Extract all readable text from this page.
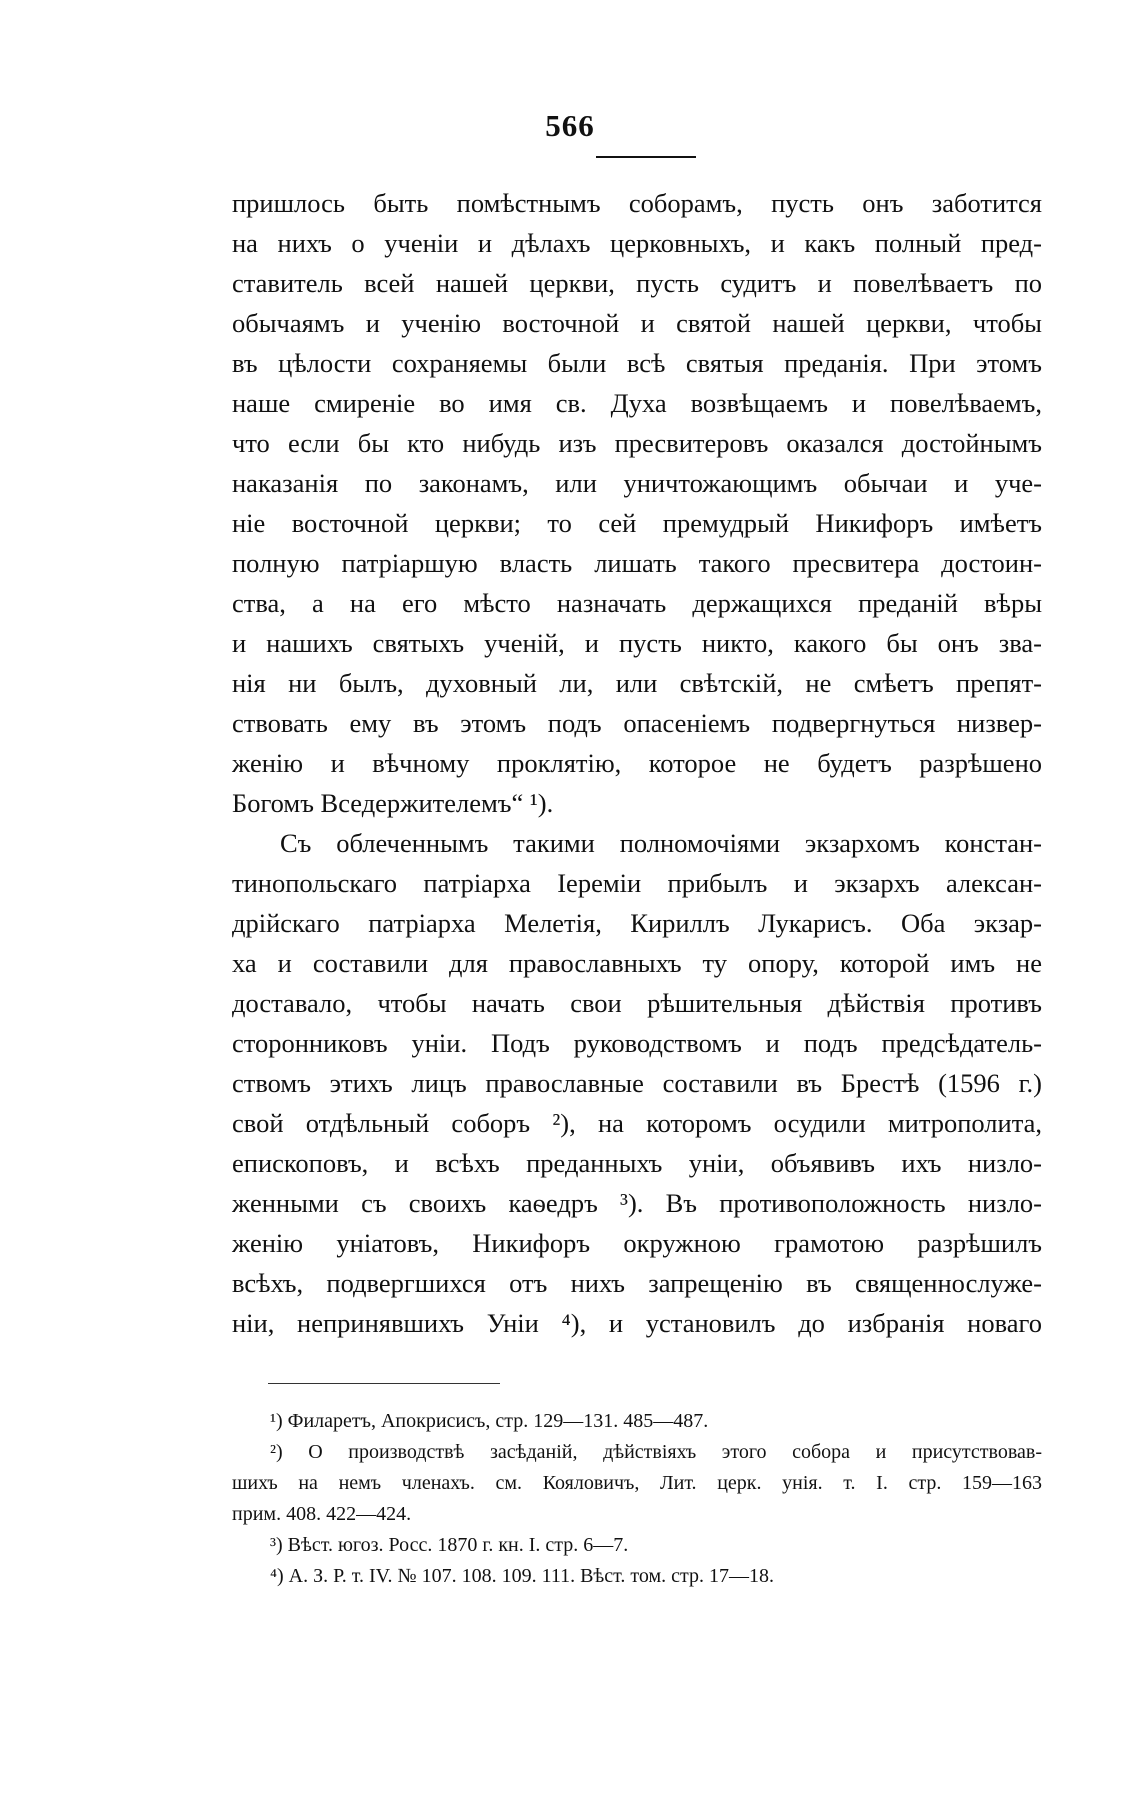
566
пришлось быть помѣстнымъ соборамъ, пусть онъ заботится
на нихъ о ученіи и дѣлахъ церковныхъ, и какъ полный пред-
ставитель всей нашей церкви, пусть судитъ и повелѣваетъ по
обычаямъ и ученію восточной и святой нашей церкви, чтобы
въ цѣлости сохраняемы были всѣ святыя преданія. При этомъ
наше смиреніе во имя св. Духа возвѣщаемъ и повелѣваемъ,
что если бы кто нибудь изъ пресвитеровъ оказался достойнымъ
наказанія по законамъ, или уничтожающимъ обычаи и уче-
ніе восточной церкви; то сей премудрый Никифоръ имѣетъ
полную патріаршую власть лишать такого пресвитера достоин-
ства, а на его мѣсто назначать держащихся преданій вѣры
и нашихъ святыхъ ученій, и пусть никто, какого бы онъ зва-
нія ни былъ, духовный ли, или свѣтскій, не смѣетъ препят-
ствовать ему въ этомъ подъ опасеніемъ подвергнуться низвер-
женію и вѣчному проклятію, которое не будетъ разрѣшено
Богомъ Вседержителемъ“ ¹).
Съ облеченнымъ такими полномочіями экзархомъ констан-
тинопольскаго патріарха Іереміи прибылъ и экзархъ алексан-
дрійскаго патріарха Мелетія, Кириллъ Лукарисъ. Оба экзар-
ха и составили для православныхъ ту опору, которой имъ не
доставало, чтобы начать свои рѣшительныя дѣйствія противъ
сторонниковъ уніи. Подъ руководствомъ и подъ предсѣдатель-
ствомъ этихъ лицъ православные составили въ Брестѣ (1596 г.)
свой отдѣльный соборъ ²), на которомъ осудили митрополита,
епископовъ, и всѣхъ преданныхъ уніи, объявивъ ихъ низло-
женными съ своихъ каѳедръ ³). Въ противоположность низло-
женію уніатовъ, Никифоръ окружною грамотою разрѣшилъ
всѣхъ, подвергшихся отъ нихъ запрещенію въ священнослуже-
ніи, непринявшихъ Уніи ⁴), и установилъ до избранія новаго
¹) Филаретъ, Апокрисисъ, стр. 129—131. 485—487.
²) О производствѣ засѣданій, дѣйствіяхъ этого собора и присутствовав-
шихъ на немъ членахъ. см. Кояловичъ, Лит. церк. унія. т. I. стр. 159—163
прим. 408. 422—424.
³) Вѣст. югоз. Росс. 1870 г. кн. I. стр. 6—7.
⁴) А. З. Р. т. IV. № 107. 108. 109. 111. Вѣст. том. стр. 17—18.
